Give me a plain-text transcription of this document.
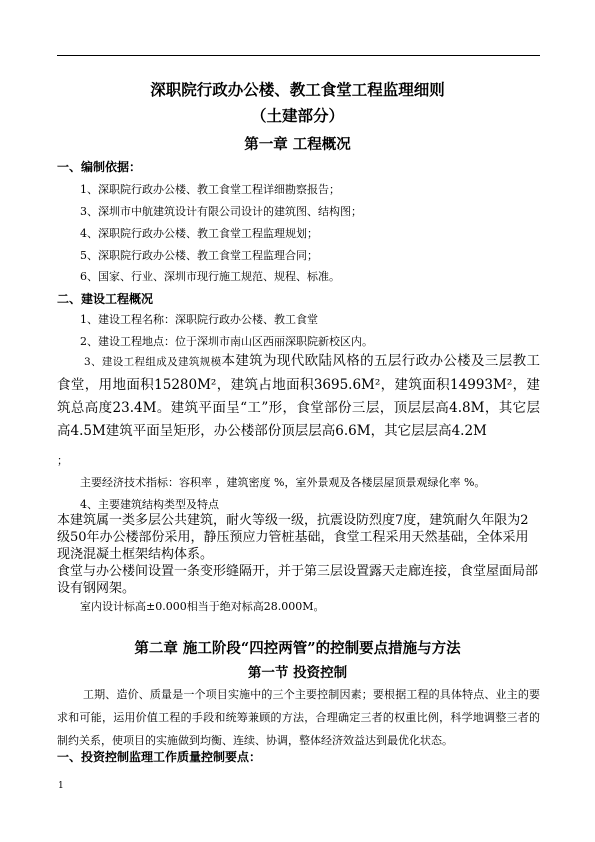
深职院行政办公楼、教工食堂工程监理细则

（土建部分）

第一章 工程概况

一、编制依据：

1、深职院行政办公楼、教工食堂工程详细勘察报告；

3、深圳市中航建筑设计有限公司设计的建筑图、结构图；

4、深职院行政办公楼、教工食堂工程监理规划；

5、深职院行政办公楼、教工食堂工程监理合同；

6、国家、行业、深圳市现行施工规范、规程、标准。

二、建设工程概况

1、建设工程名称：深职院行政办公楼、教工食堂

2、建设工程地点：位于深圳市南山区西丽深职院新校区内。

3、建设工程组成及建筑规模本建筑为现代欧陆风格的五层行政办公楼及三层教工食堂，用地面积15280M²，建筑占地面积3695.6M²，建筑面积14993M²，建筑总高度23.4M。建筑平面呈“工”形，食堂部份三层，顶层层高4.8M，其它层高4.5M建筑平面呈矩形，办公楼部份顶层层高6.6M，其它层层高4.2M

；

主要经济技术指标：容积率 ，建筑密度 %，室外景观及各楼层屋顶景观绿化率 %。

4、主要建筑结构类型及特点

本建筑属一类多层公共建筑，耐火等级一级，抗震设防烈度7度，建筑耐久年限为2级50年办公楼部份采用，静压预应力管桩基础，食堂工程采用天然基础，全体采用现浇混凝土框架结构体系。

食堂与办公楼间设置一条变形缝隔开，并于第三层设置露天走廊连接，食堂屋面局部设有钢网架。

室内设计标高±0.000相当于绝对标高28.000M。

第二章 施工阶段“四控两管”的控制要点措施与方法

第一节 投资控制

工期、造价、质量是一个项目实施中的三个主要控制因素；要根据工程的具体特点、业主的要求和可能，运用价值工程的手段和统筹兼顾的方法，合理确定三者的权重比例，科学地调整三者的制约关系，使项目的实施做到均衡、连续、协调，整体经济效益达到最优化状态。

一、投资控制监理工作质量控制要点：

1
